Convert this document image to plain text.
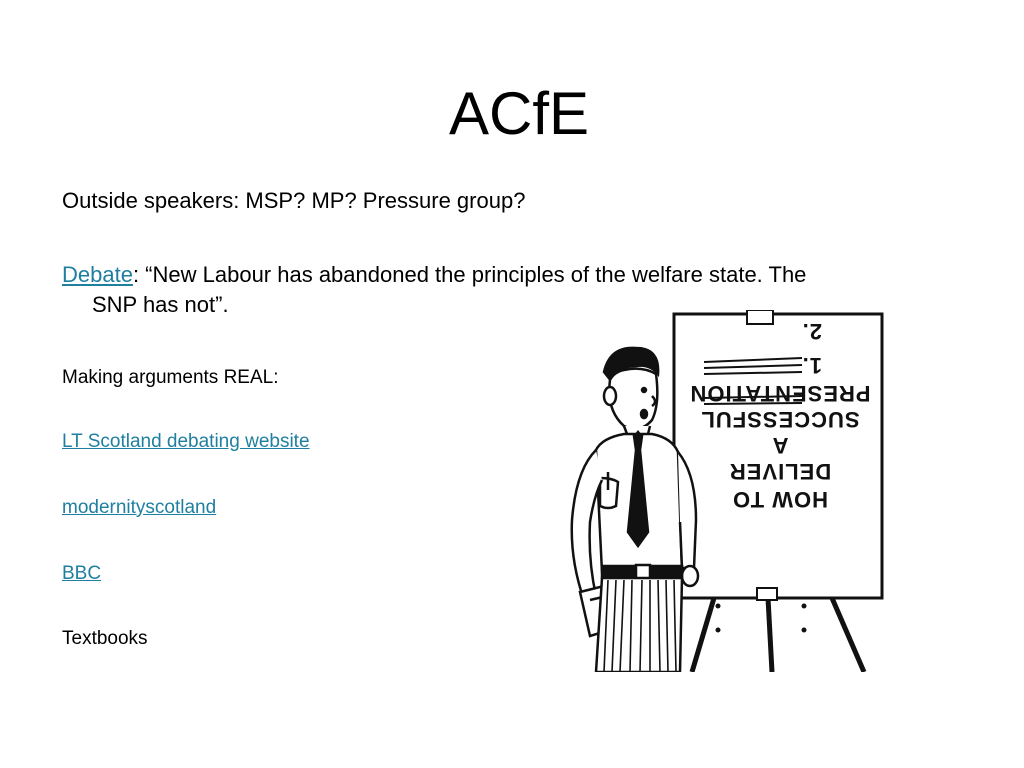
ACfE

Outside speakers: MSP? MP? Pressure group?

Debate: “New Labour has abandoned the principles of the welfare state. The
SNP has not”.

Making arguments REAL:

LT Scotland debating website

modernityscotland

BBC

Textbooks

HOW TO
DELIVER
A
SUCCESSFUL
PRESENTATION
1.
2.
